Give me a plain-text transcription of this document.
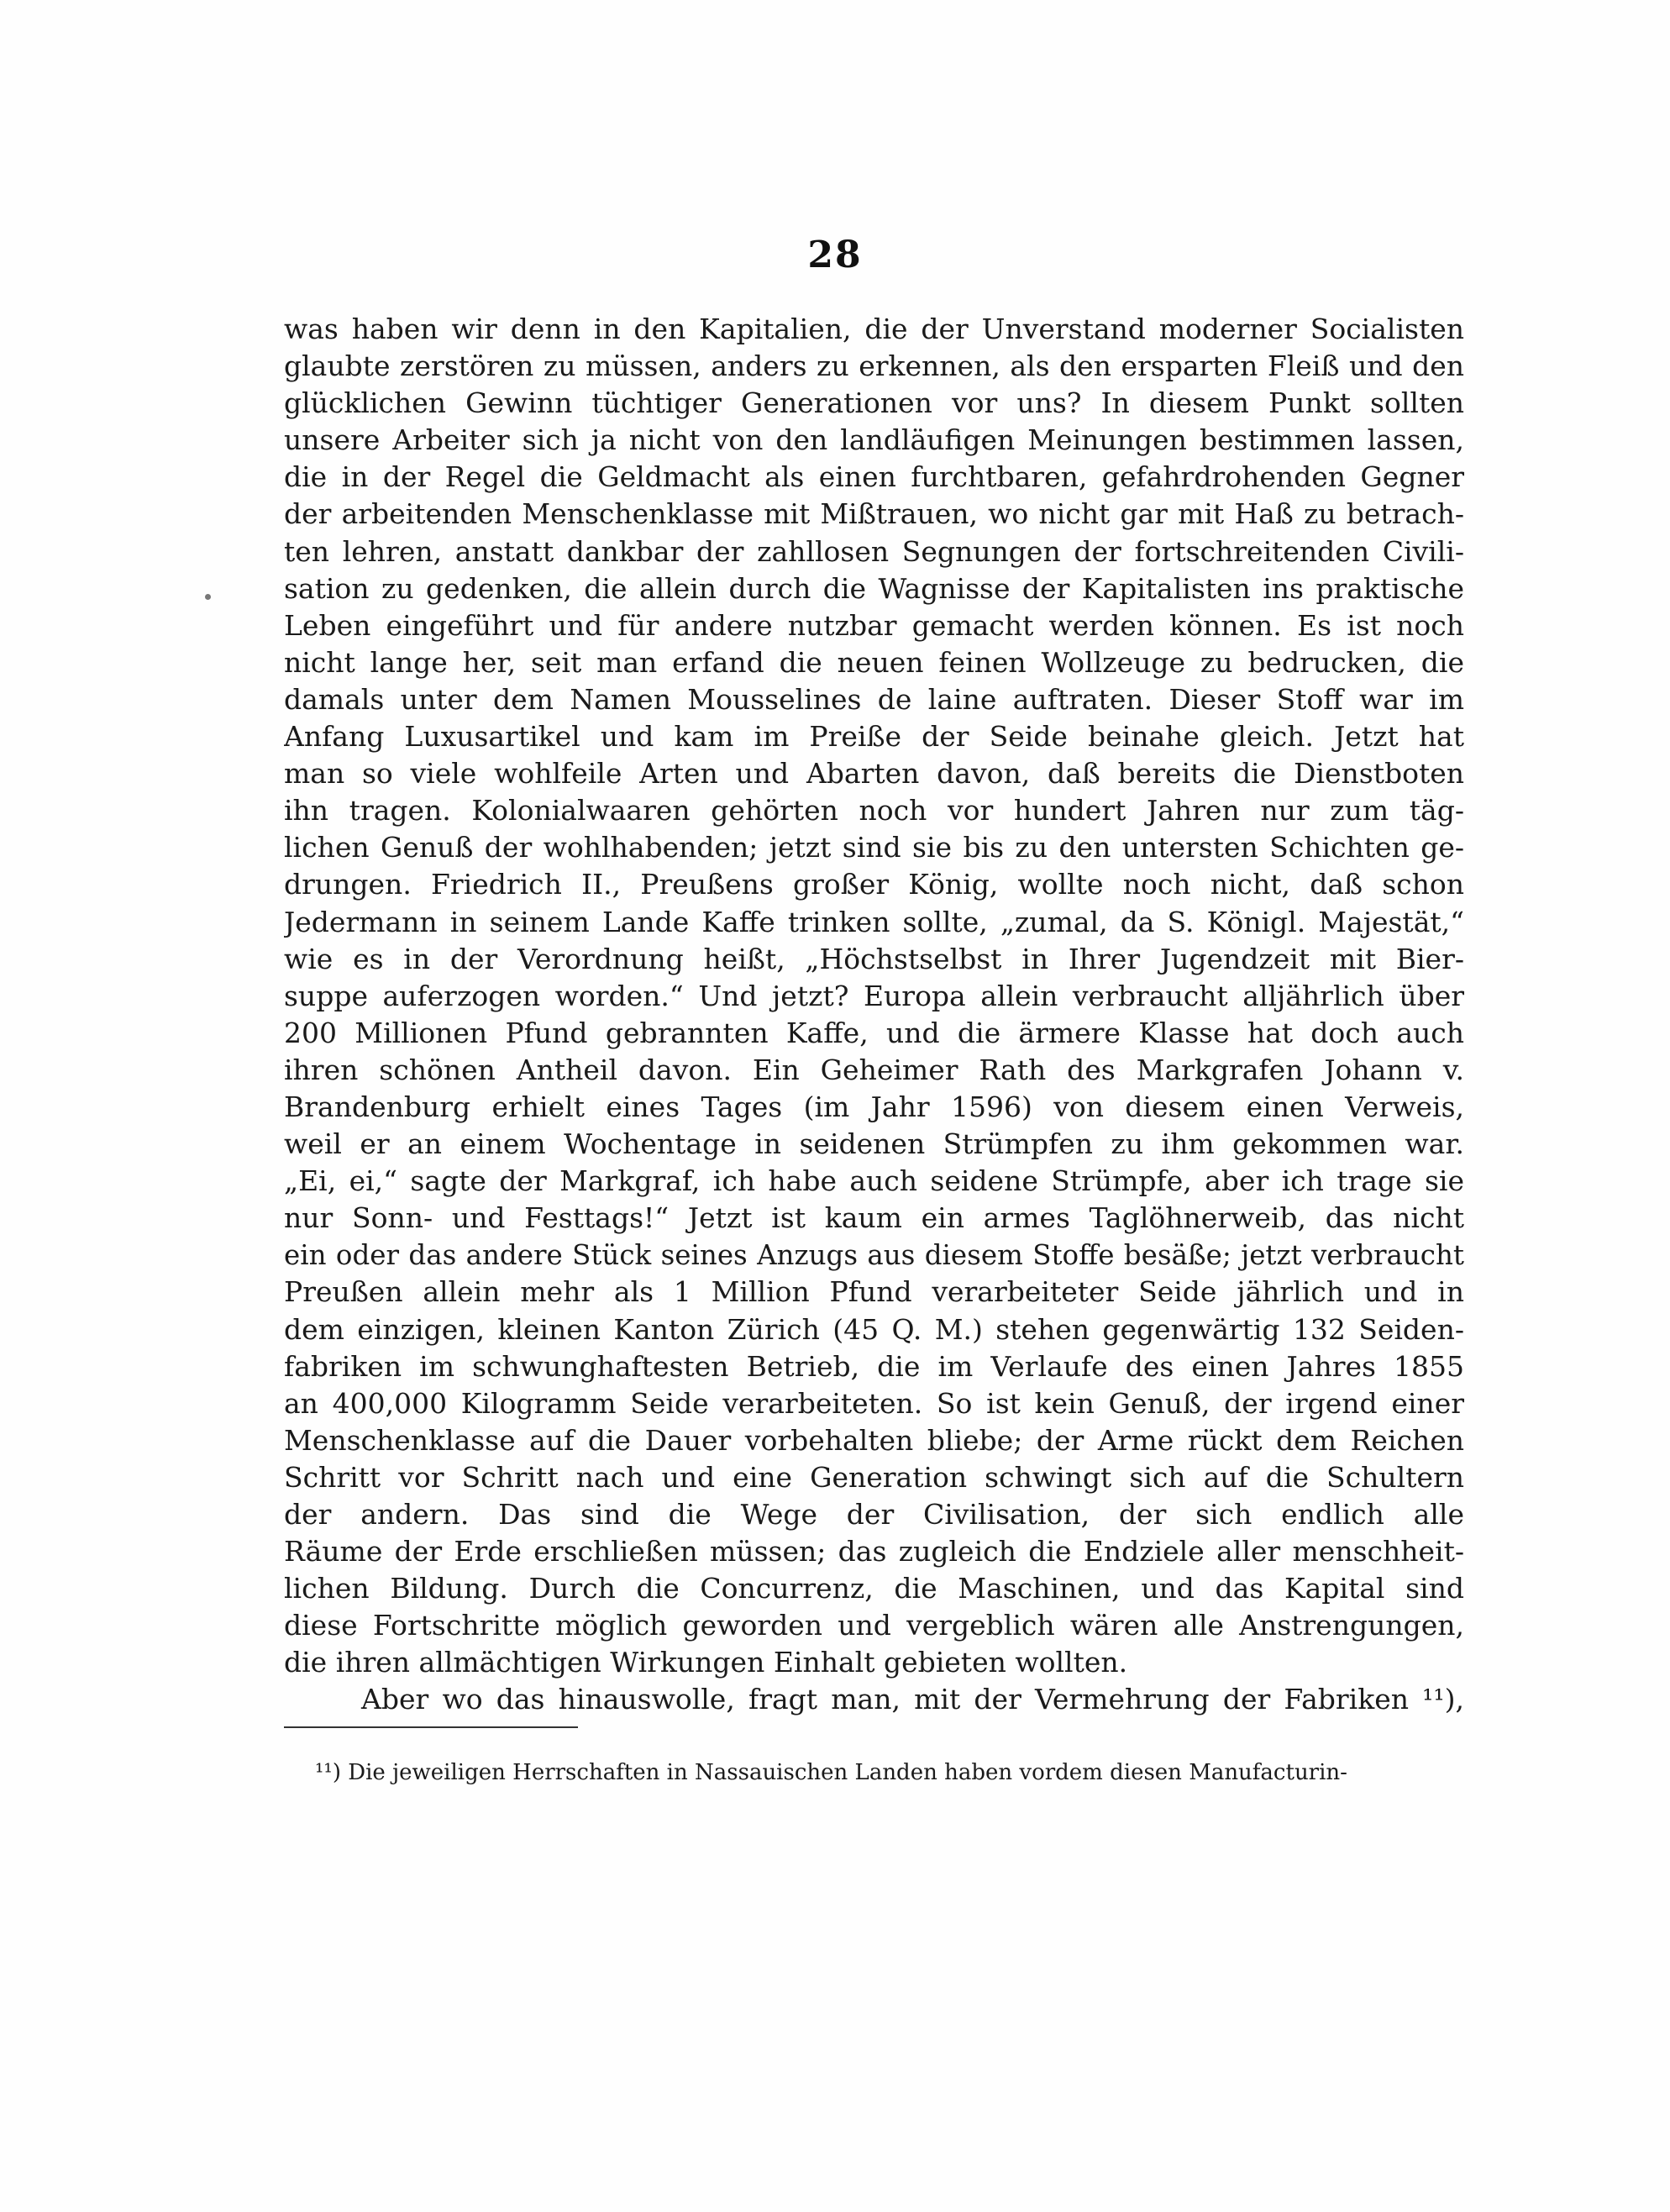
28
was haben wir denn in den Kapitalien, die der Unverstand moderner Socialisten
glaubte zerstören zu müssen, anders zu erkennen, als den ersparten Fleiß und den
glücklichen Gewinn tüchtiger Generationen vor uns? In diesem Punkt sollten
unsere Arbeiter sich ja nicht von den landläufigen Meinungen bestimmen lassen,
die in der Regel die Geldmacht als einen furchtbaren, gefahrdrohenden Gegner
der arbeitenden Menschenklasse mit Mißtrauen, wo nicht gar mit Haß zu betrach-
ten lehren, anstatt dankbar der zahllosen Segnungen der fortschreitenden Civili-
sation zu gedenken, die allein durch die Wagnisse der Kapitalisten ins praktische
Leben eingeführt und für andere nutzbar gemacht werden können. Es ist noch
nicht lange her, seit man erfand die neuen feinen Wollzeuge zu bedrucken, die
damals unter dem Namen Mousselines de laine auftraten. Dieser Stoff war im
Anfang Luxusartikel und kam im Preiße der Seide beinahe gleich. Jetzt hat
man so viele wohlfeile Arten und Abarten davon, daß bereits die Dienstboten
ihn tragen. Kolonialwaaren gehörten noch vor hundert Jahren nur zum täg-
lichen Genuß der wohlhabenden; jetzt sind sie bis zu den untersten Schichten ge-
drungen. Friedrich II., Preußens großer König, wollte noch nicht, daß schon
Jedermann in seinem Lande Kaffe trinken sollte, „zumal, da S. Königl. Majestät,“
wie es in der Verordnung heißt, „Höchstselbst in Ihrer Jugendzeit mit Bier-
suppe auferzogen worden.“ Und jetzt? Europa allein verbraucht alljährlich über
200 Millionen Pfund gebrannten Kaffe, und die ärmere Klasse hat doch auch
ihren schönen Antheil davon. Ein Geheimer Rath des Markgrafen Johann v.
Brandenburg erhielt eines Tages (im Jahr 1596) von diesem einen Verweis,
weil er an einem Wochentage in seidenen Strümpfen zu ihm gekommen war.
„Ei, ei,“ sagte der Markgraf, ich habe auch seidene Strümpfe, aber ich trage sie
nur Sonn- und Festtags!“ Jetzt ist kaum ein armes Taglöhnerweib, das nicht
ein oder das andere Stück seines Anzugs aus diesem Stoffe besäße; jetzt verbraucht
Preußen allein mehr als 1 Million Pfund verarbeiteter Seide jährlich und in
dem einzigen, kleinen Kanton Zürich (45 Q. M.) stehen gegenwärtig 132 Seiden-
fabriken im schwunghaftesten Betrieb, die im Verlaufe des einen Jahres 1855
an 400,000 Kilogramm Seide verarbeiteten. So ist kein Genuß, der irgend einer
Menschenklasse auf die Dauer vorbehalten bliebe; der Arme rückt dem Reichen
Schritt vor Schritt nach und eine Generation schwingt sich auf die Schultern
der andern. Das sind die Wege der Civilisation, der sich endlich alle
Räume der Erde erschließen müssen; das zugleich die Endziele aller menschheit-
lichen Bildung. Durch die Concurrenz, die Maschinen, und das Kapital sind
diese Fortschritte möglich geworden und vergeblich wären alle Anstrengungen,
die ihren allmächtigen Wirkungen Einhalt gebieten wollten.
Aber wo das hinauswolle, fragt man, mit der Vermehrung der Fabriken ¹¹),
¹¹) Die jeweiligen Herrschaften in Nassauischen Landen haben vordem diesen Manufacturin-
